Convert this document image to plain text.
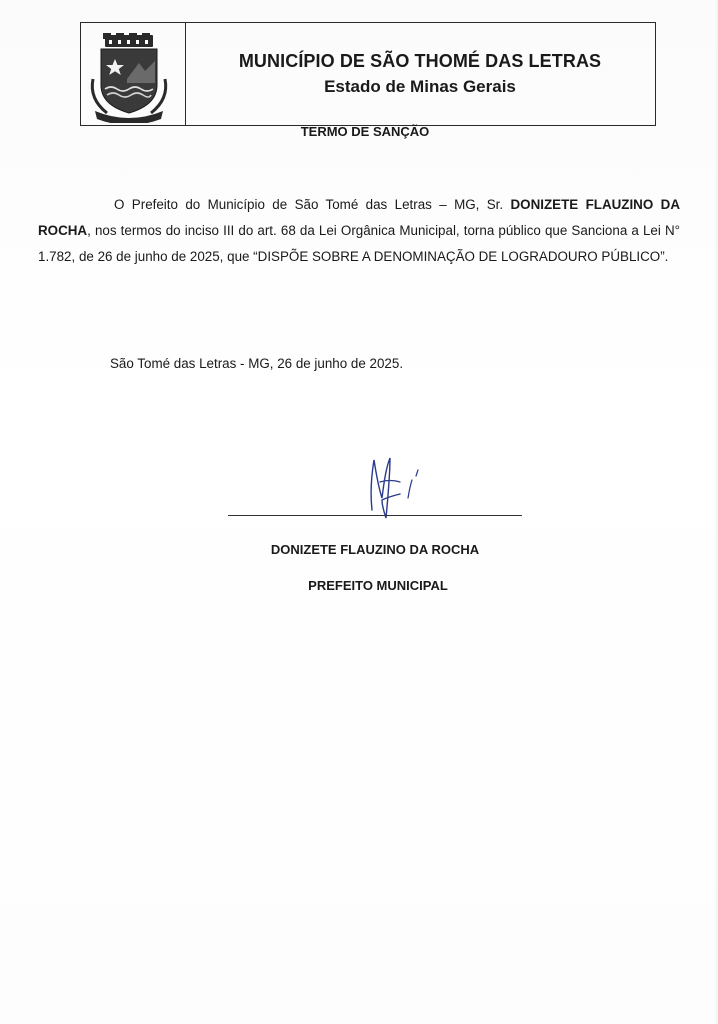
MUNICÍPIO DE SÃO THOMÉ DAS LETRAS
Estado de Minas Gerais
TERMO DE SANÇÃO
O Prefeito do Município de São Tomé das Letras – MG, Sr. DONIZETE FLAUZINO DA ROCHA, nos termos do inciso III do art. 68 da Lei Orgânica Municipal, torna público que Sanciona a Lei N° 1.782, de 26 de junho de 2025, que “DISPÕE SOBRE A DENOMINAÇÃO DE LOGRADOURO PÚBLICO”.
São Tomé das Letras - MG, 26 de junho de 2025.
DONIZETE FLAUZINO DA ROCHA
PREFEITO MUNICIPAL
